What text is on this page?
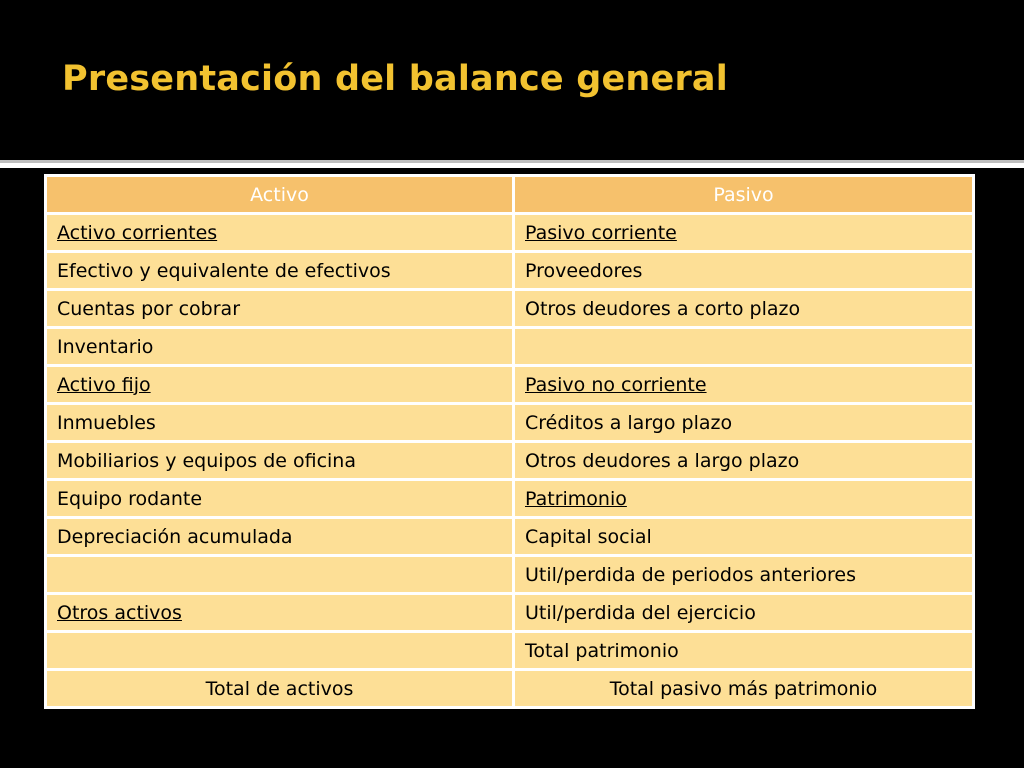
Presentación del balance general
Activo	Pasivo
Activo corrientes	Pasivo corriente
Efectivo y equivalente de efectivos	Proveedores
Cuentas por cobrar	Otros deudores a corto plazo
Inventario	
Activo fijo	Pasivo no corriente
Inmuebles	Créditos a largo plazo
Mobiliarios y equipos de oficina	Otros deudores a largo plazo
Equipo rodante	Patrimonio
Depreciación acumulada	Capital social
	Util/perdida de periodos anteriores
Otros activos	Util/perdida del ejercicio
	Total patrimonio
Total de activos	Total pasivo más patrimonio
